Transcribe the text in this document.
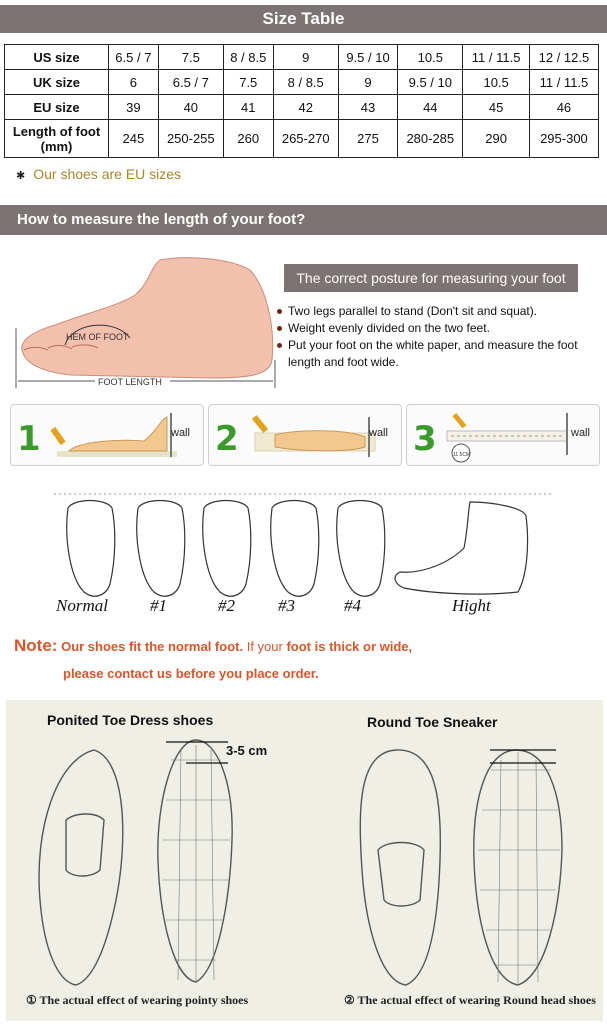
Size Table
US size	6.5 / 7	7.5	8 / 8.5	9	9.5 / 10	10.5	11 / 11.5	12 / 12.5
UK size	6	6.5 / 7	7.5	8 / 8.5	9	9.5 / 10	10.5	11 / 11.5
EU size	39	40	41	42	43	44	45	46
Length of foot (mm)	245	250-255	260	265-270	275	280-285	290	295-300
✱ Our shoes are EU sizes
How to measure the length of your foot?
HEM OF FOOT
FOOT LENGTH
The correct posture for measuring your foot
Two legs parallel to stand (Don't sit and squat).
Weight evenly divided on the two feet.
Put your foot on the white paper, and measure the foot length and foot wide.
1	wall 2	wall 3	11.5CM
wall
Normal #1	#2	#3	#4	Hight
Note: Our shoes fit the normal foot. If your foot is thick or wide,
please contact us before you place order.
Ponited Toe Dress shoes	Round Toe Sneaker
3-5 cm
① The actual effect of wearing pointy shoes	② The actual effect of wearing Round head shoes
